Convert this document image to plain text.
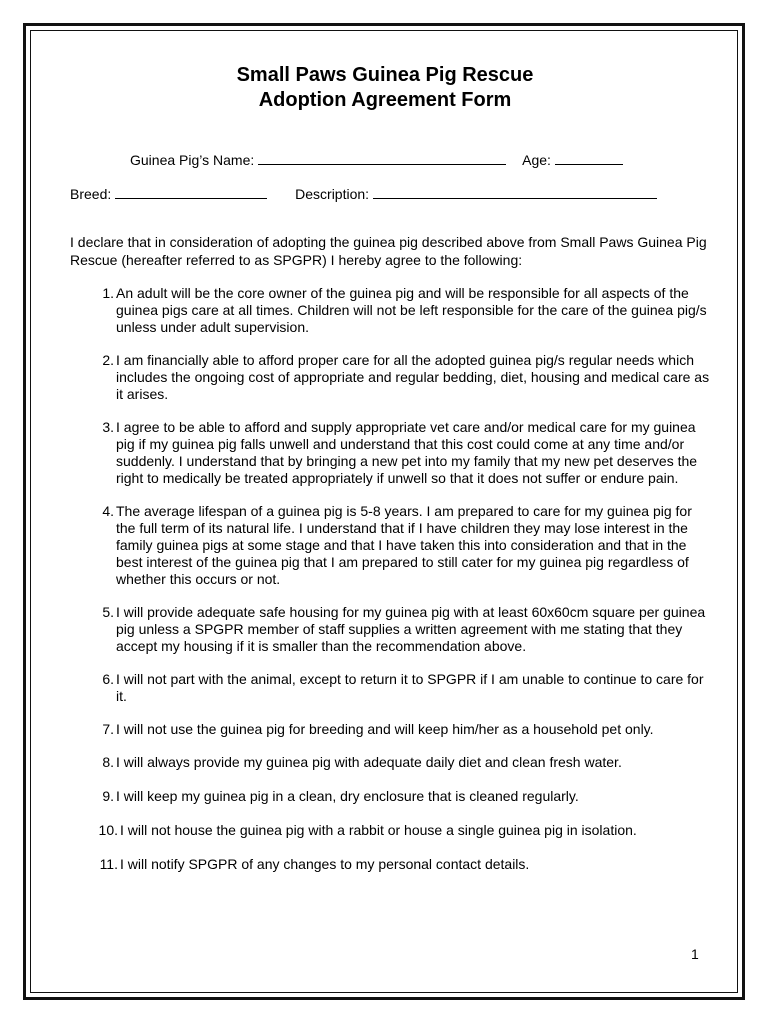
Small Paws Guinea Pig Rescue
Adoption Agreement Form
Guinea Pig’s Name:	Age:
Breed:	Description:
I declare that in consideration of adopting the guinea pig described above from Small Paws Guinea Pig Rescue (hereafter referred to as SPGPR) I hereby agree to the following:
1. An adult will be the core owner of the guinea pig and will be responsible for all aspects of the guinea pigs care at all times. Children will not be left responsible for the care of the guinea pig/s unless under adult supervision.
2. I am financially able to afford proper care for all the adopted guinea pig/s regular needs which includes the ongoing cost of appropriate and regular bedding, diet, housing and medical care as it arises.
3. I agree to be able to afford and supply appropriate vet care and/or medical care for my guinea pig if my guinea pig falls unwell and understand that this cost could come at any time and/or suddenly. I understand that by bringing a new pet into my family that my new pet deserves the right to medically be treated appropriately if unwell so that it does not suffer or endure pain.
4. The average lifespan of a guinea pig is 5-8 years. I am prepared to care for my guinea pig for the full term of its natural life. I understand that if I have children they may lose interest in the family guinea pigs at some stage and that I have taken this into consideration and that in the best interest of the guinea pig that I am prepared to still cater for my guinea pig regardless of whether this occurs or not.
5. I will provide adequate safe housing for my guinea pig with at least 60x60cm square per guinea pig unless a SPGPR member of staff supplies a written agreement with me stating that they accept my housing if it is smaller than the recommendation above.
6. I will not part with the animal, except to return it to SPGPR if I am unable to continue to care for it.
7. I will not use the guinea pig for breeding and will keep him/her as a household pet only.
8. I will always provide my guinea pig with adequate daily diet and clean fresh water.
9. I will keep my guinea pig in a clean, dry enclosure that is cleaned regularly.
10. I will not house the guinea pig with a rabbit or house a single guinea pig in isolation.
11. I will notify SPGPR of any changes to my personal contact details.
1
